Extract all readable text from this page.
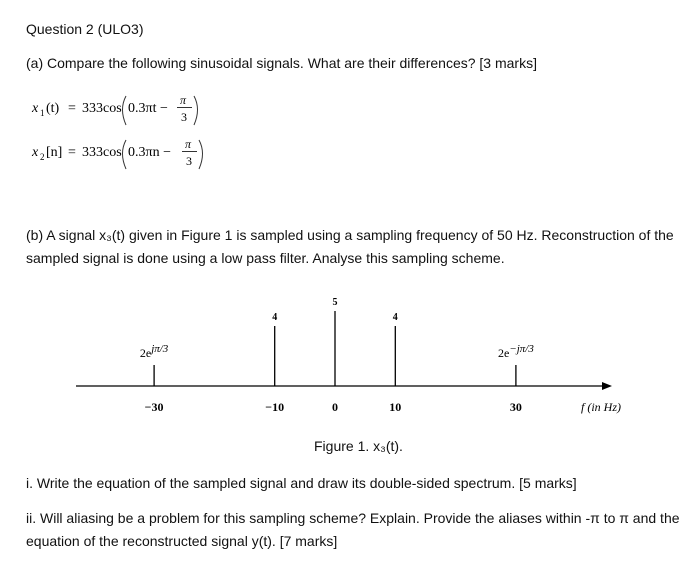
Question 2 (ULO3)
(a) Compare the following sinusoidal signals. What are their differences? [3 marks]
x 1 (t) = 333cos 0.3πt −
π
3
x 2 [n] = 333cos 0.3πn −
π
3
(b) A signal x₃(t) given in Figure 1 is sampled using a sampling frequency of 50 Hz. Reconstruction of the sampled signal is done using a low pass filter. Analyse this sampling scheme.
2ejπ/3
4
5
4
2e−jπ/3
−30	−10	0	10	30	f (in Hz)
Figure 1. x₃(t).
i. Write the equation of the sampled signal and draw its double-sided spectrum. [5 marks]
ii. Will aliasing be a problem for this sampling scheme? Explain. Provide the aliases within -π to π and the equation of the reconstructed signal y(t). [7 marks]
